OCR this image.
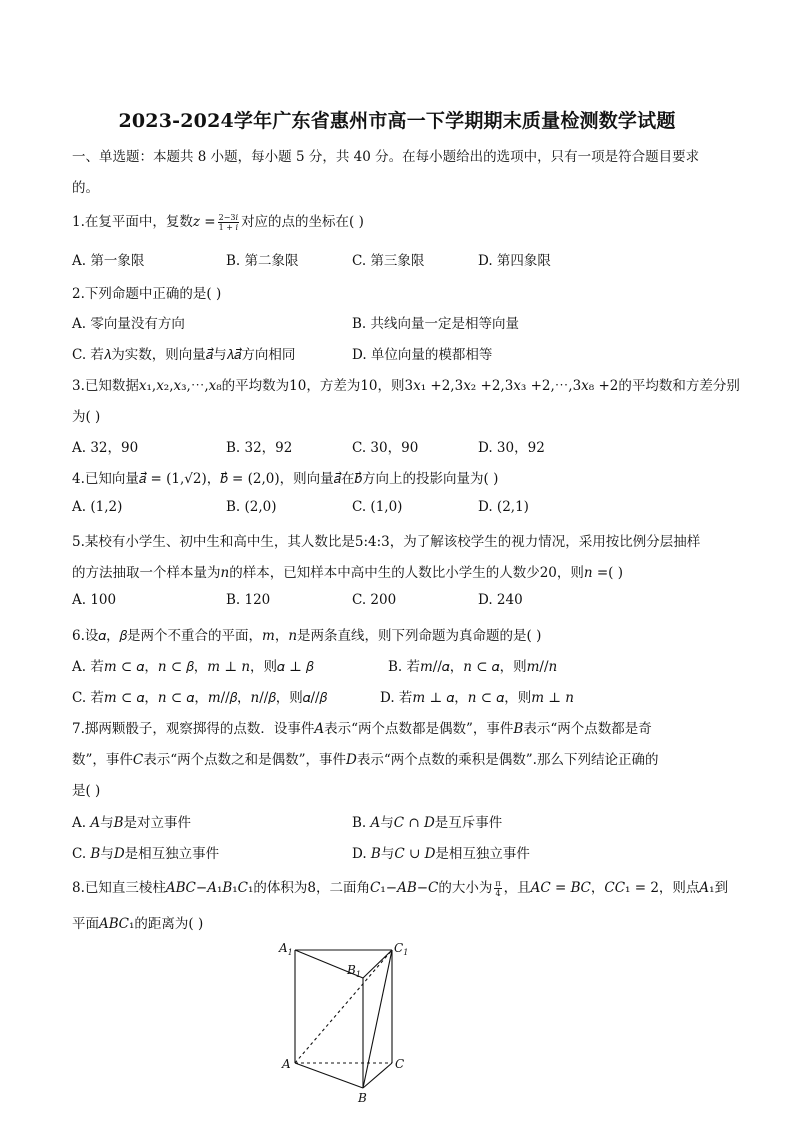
2023-2024学年广东省惠州市高一下学期期末质量检测数学试题
一、单选题：本题共 8 小题，每小题 5 分，共 40 分。在每小题给出的选项中，只有一项是符合题目要求
的。
1.在复平面中，复数𝑧 = $\frac{\text{2−3𝑖}}{\text{1 + 𝑖}}$ 对应的点的坐标在( )
A. 第一象限	B. 第二象限	C. 第三象限	D. 第四象限
2.下列命题中正确的是( )
A. 零向量没有方向	B. 共线向量一定是相等向量
C. 若𝜆为实数，则向量𝑎⃗与𝜆𝑎⃗方向相同	D. 单位向量的模都相等
3.已知数据𝑥₁,𝑥₂,𝑥₃,⋯,𝑥₈的平均数为10，方差为10，则3𝑥₁ +2,3𝑥₂ +2,3𝑥₃ +2,⋯,3𝑥₈ +2的平均数和方差分别
为( )
A. 32，90	B. 32，92	C. 30，90	D. 30，92
4.已知向量𝑎⃗ = (1,√2)，𝑏⃗ = (2,0)，则向量𝑎⃗在𝑏⃗方向上的投影向量为( )
A. (1,2)	B. (2,0)	C. (1,0)	D. (2,1)
5.某校有小学生、初中生和高中生，其人数比是5:4:3，为了解该校学生的视力情况，采用按比例分层抽样
的方法抽取一个样本量为𝑛的样本，已知样本中高中生的人数比小学生的人数少20，则𝑛 =( )
A. 100	B. 120	C. 200	D. 240
6.设𝛼，𝛽是两个不重合的平面，𝑚，𝑛是两条直线，则下列命题为真命题的是( )
A. 若𝑚 ⊂ 𝛼，𝑛 ⊂ 𝛽，𝑚 ⊥ 𝑛，则𝛼 ⊥ 𝛽	B. 若𝑚//𝛼，𝑛 ⊂ 𝛼，则𝑚//𝑛
C. 若𝑚 ⊂ 𝛼，𝑛 ⊂ 𝛼，𝑚//𝛽，𝑛//𝛽，则𝛼//𝛽	D. 若𝑚 ⊥ 𝛼，𝑛 ⊂ 𝛼，则𝑚 ⊥ 𝑛
7.掷两颗骰子，观察掷得的点数．设事件𝐴表示“两个点数都是偶数”，事件𝐵表示“两个点数都是奇
数”，事件𝐶表示“两个点数之和是偶数”，事件𝐷表示“两个点数的乘积是偶数”.那么下列结论正确的
是( )
A. 𝐴与𝐵是对立事件	B. 𝐴与𝐶 ∩ 𝐷是互斥事件
C. 𝐵与𝐷是相互独立事件	D. 𝐵与𝐶 ∪ 𝐷是相互独立事件
8.已知直三棱柱𝐴𝐵𝐶−𝐴₁𝐵₁𝐶₁的体积为8，二面角𝐶₁−𝐴𝐵−𝐶的大小为 $\frac{\pi}{4}$ ，且𝐴𝐶 = 𝐵𝐶，𝐶𝐶₁ = 2，则点𝐴₁到
平面𝐴𝐵𝐶₁的距离为( )
$A_1$
$B_1$
$C_1$
A	C
B
